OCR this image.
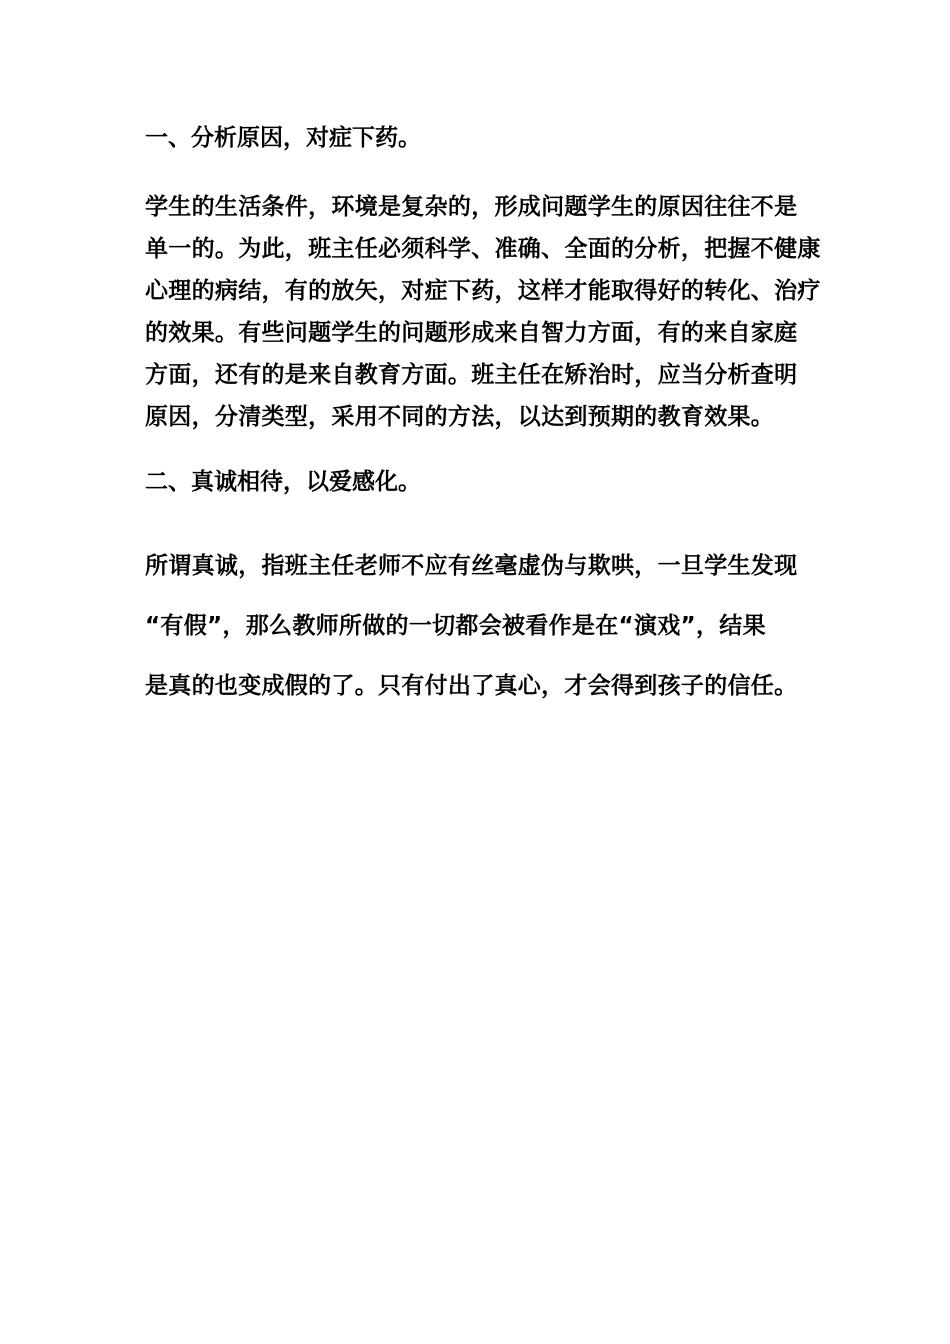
一、分析原因，对症下药。

学生的生活条件，环境是复杂的，形成问题学生的原因往往不是
单一的。为此，班主任必须科学、准确、全面的分析，把握不健康
心理的病结，有的放矢，对症下药，这样才能取得好的转化、治疗
的效果。有些问题学生的问题形成来自智力方面，有的来自家庭
方面，还有的是来自教育方面。班主任在矫治时，应当分析查明
原因，分清类型，采用不同的方法，以达到预期的教育效果。

二、真诚相待，以爱感化。

所谓真诚，指班主任老师不应有丝毫虚伪与欺哄，一旦学生发现
“有假”，那么教师所做的一切都会被看作是在“演戏”，结果
是真的也变成假的了。只有付出了真心，才会得到孩子的信任。
